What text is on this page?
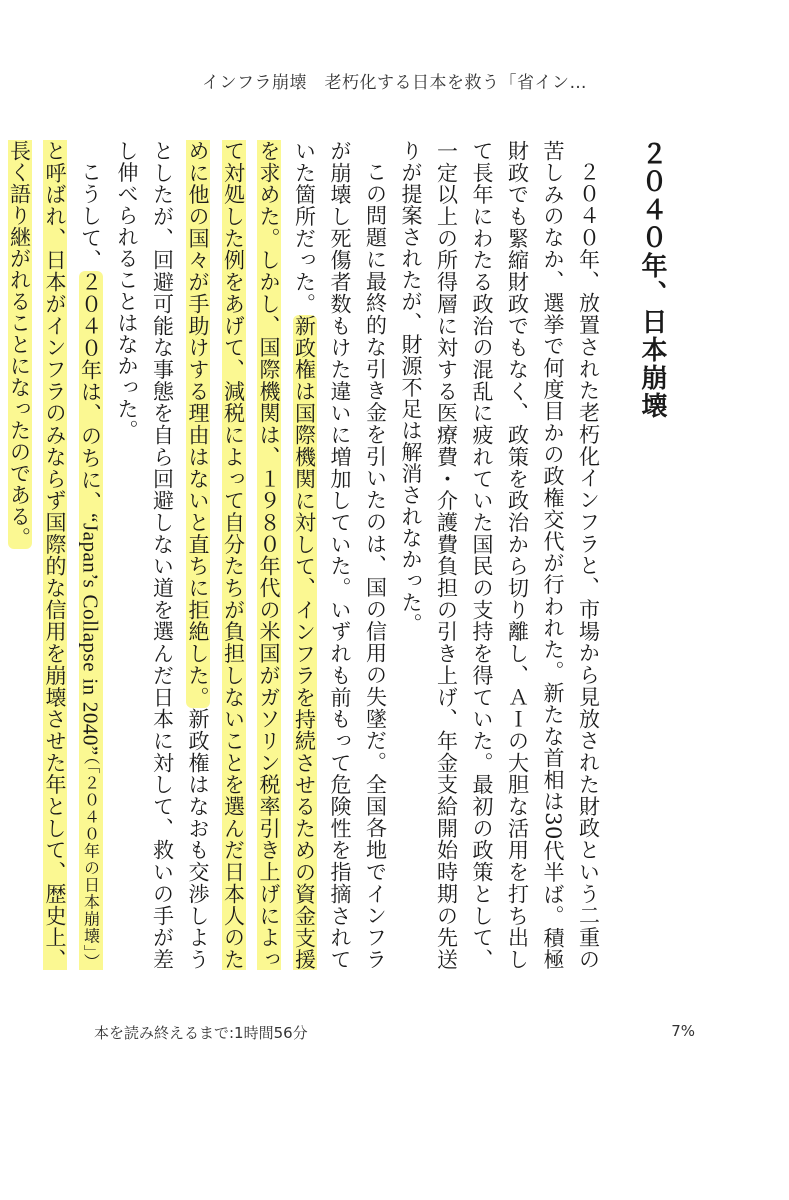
インフラ崩壊　老朽化する日本を救う「省イン…
２０４０年、日本崩壊

２０４０年、放置された老朽化インフラと、市場から見放された財政という二重の苦しみのなか、選挙で何度目かの政権交代が行われた。新たな首相は30代半ば。積極財政でも緊縮財政でもなく、政策を政治から切り離し、ＡＩの大胆な活用を打ち出して長年にわたる政治の混乱に疲れていた国民の支持を得ていた。最初の政策として、一定以上の所得層に対する医療費・介護費負担の引き上げ、年金支給開始時期の先送りが提案されたが、財源不足は解消されなかった。

この問題に最終的な引き金を引いたのは、国の信用の失墜だ。全国各地でインフラが崩壊し死傷者数もけた違いに増加していた。いずれも前もって危険性を指摘されていた箇所だった。新政権は国際機関に対して、インフラを持続させるための資金支援を求めた。しかし、国際機関は、１９８０年代の米国がガソリン税率引き上げによって対処した例をあげて、減税によって自分たちが負担しないことを選んだ日本人のために他の国々が手助けする理由はないと直ちに拒絶した。新政権はなおも交渉しようとしたが、回避可能な事態を自ら回避しない道を選んだ日本に対して、救いの手が差し伸べられることはなかった。

こうして、２０４０年は、のちに、“Japan’s Collapse in 2040”（「２０４０年の日本崩壊」）と呼ばれ、日本がインフラのみならず国際的な信用を崩壊させた年として、歴史上、長く語り継がれることになったのである。

本を読み終えるまで:1時間56分	7%
